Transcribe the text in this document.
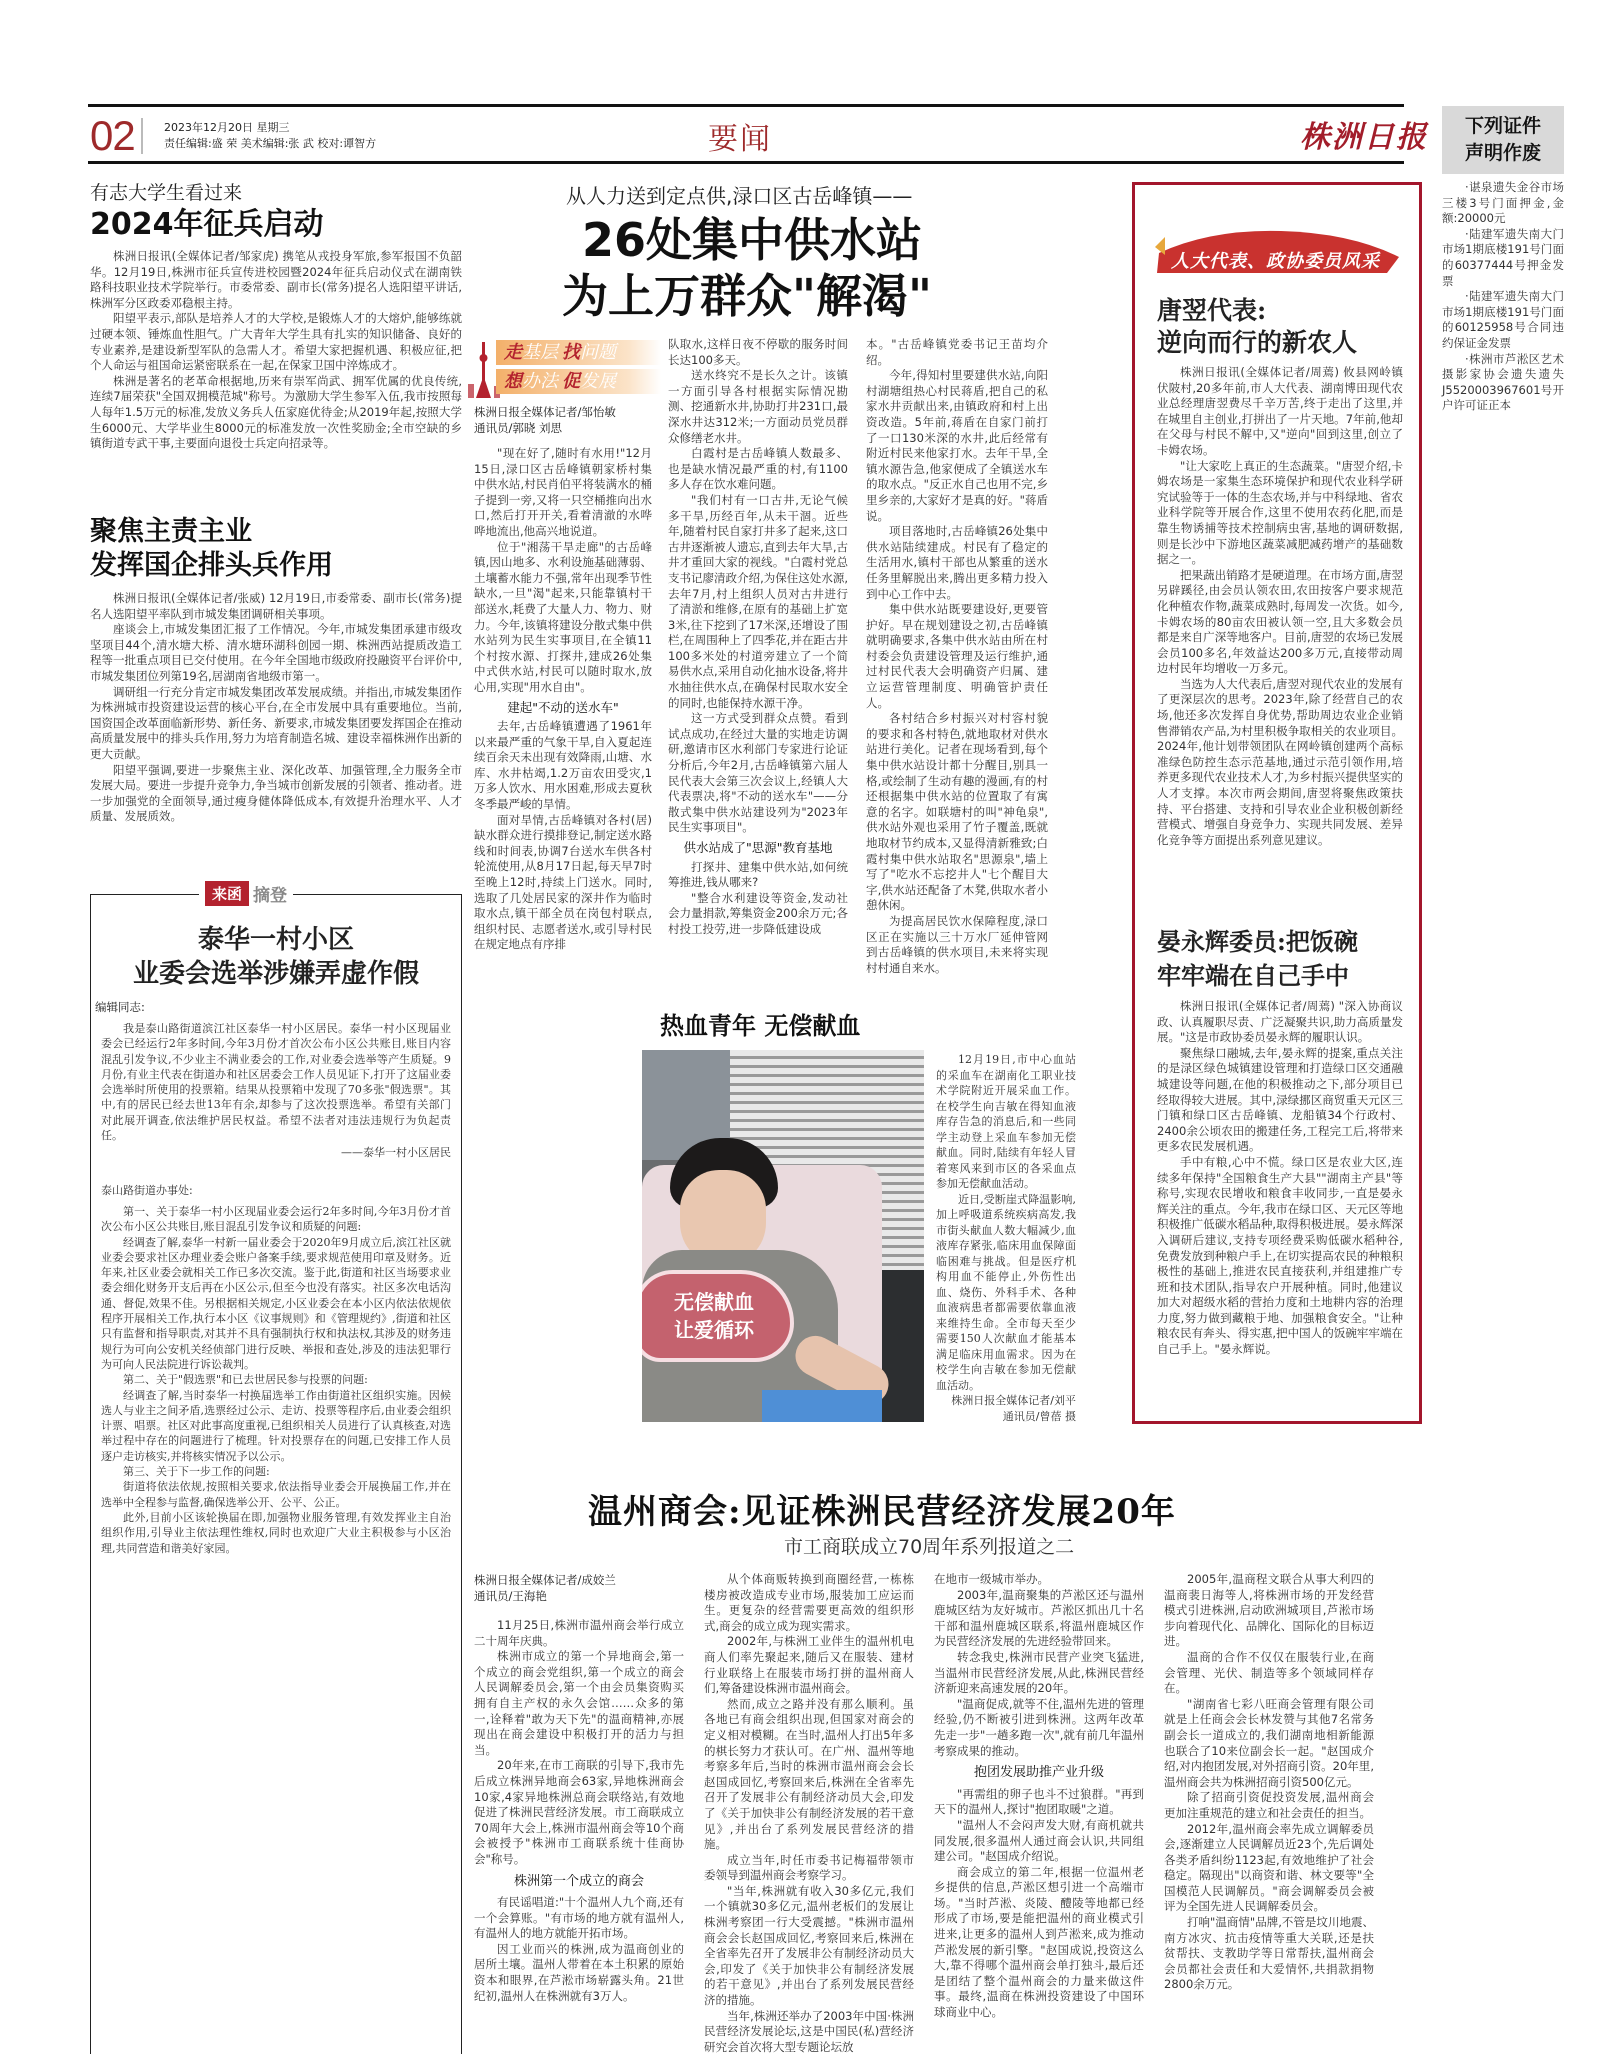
02	2023年12月20日 星期三
责任编辑:盛 荣 美术编辑:张 武 校对:谭智方	要闻	株洲日报	下列证件
声明作废
·谌泉遗失金谷市场三楼3号门面押金,金额:20000元
·陆建军遗失南大门市场1期底楼191号门面的60377444号押金发票
·陆建军遗失南大门市场1期底楼191号门面的60125958号合同违约保证金发票
·株洲市芦淞区艺术摄影家协会遗失遗失J5520003967601号开户许可证正本
有志大学生看过来
2024年征兵启动

株洲日报讯(全媒体记者/邹家虎) 携笔从戎投身军旅,参军报国不负韶华。12月19日,株洲市征兵宣传进校园暨2024年征兵启动仪式在湖南铁路科技职业技术学院举行。市委常委、副市长(常务)提名人选阳望平讲话,株洲军分区政委邓稳根主持。

阳望平表示,部队是培养人才的大学校,是锻炼人才的大熔炉,能够练就过硬本领、锤炼血性胆气。广大青年大学生具有扎实的知识储备、良好的专业素养,是建设新型军队的急需人才。希望大家把握机遇、积极应征,把个人命运与祖国命运紧密联系在一起,在保家卫国中淬炼成才。

株洲是著名的老革命根据地,历来有崇军尚武、拥军优属的优良传统,连续7届荣获"全国双拥模范城"称号。为激励大学生参军入伍,我市按照每人每年1.5万元的标准,发放义务兵人伍家庭优待金;从2019年起,按照大学生6000元、大学毕业生8000元的标准发放一次性奖励金;全市空缺的乡镇街道专武干事,主要面向退役士兵定向招录等。

聚焦主责主业
发挥国企排头兵作用

株洲日报讯(全媒体记者/张威) 12月19日,市委常委、副市长(常务)提名人选阳望平率队到市城发集团调研相关事项。

座谈会上,市城发集团汇报了工作情况。今年,市城发集团承建市级攻坚项目44个,清水塘大桥、清水塘环湖科创园一期、株洲西站提质改造工程等一批重点项目已交付使用。在今年全国地市级政府投融资平台评价中,市城发集团位列第19名,居湖南省地级市第一。

调研组一行充分肯定市城发集团改革发展成绩。并指出,市城发集团作为株洲城市投资建设运营的核心平台,在全市发展中具有重要地位。当前,国资国企改革面临新形势、新任务、新要求,市城发集团要发挥国企在推动高质量发展中的排头兵作用,努力为培育制造名城、建设幸福株洲作出新的更大贡献。

阳望平强调,要进一步聚焦主业、深化改革、加强管理,全力服务全市发展大局。要进一步提升竞争力,争当城市创新发展的引领者、推动者。进一步加强党的全面领导,通过瘦身健体降低成本,有效提升治理水平、人才质量、发展质效。

来函 摘登
泰华一村小区
业委会选举涉嫌弄虚作假
编辑同志:

我是泰山路街道滨江社区泰华一村小区居民。泰华一村小区现届业委会已经运行2年多时间,今年3月份才首次公布小区公共账目,账目内容混乱引发争议,不少业主不满业委会的工作,对业委会选举等产生质疑。9月份,有业主代表在街道办和社区居委会工作人员见证下,打开了这届业委会选举时所使用的投票箱。结果从投票箱中发现了70多张"假选票"。其中,有的居民已经去世13年有余,却参与了这次投票选举。希望有关部门对此展开调查,依法维护居民权益。希望不法者对违法违规行为负起责任。

——泰华一村小区居民
泰山路街道办事处:

第一、关于泰华一村小区现届业委会运行2年多时间,今年3月份才首次公布小区公共账目,账目混乱引发争议和质疑的问题:

经调查了解,泰华一村新一届业委会于2020年9月成立后,滨江社区就业委会要求社区办理业委会账户备案手续,要求规范使用印章及财务。近年来,社区业委会就相关工作已多次交流。鉴于此,街道和社区当场要求业委会细化财务开支后再在小区公示,但至今也没有落实。社区多次电话沟通、督促,效果不佳。另根据相关规定,小区业委会在本小区内依法依规依程序开展相关工作,执行本小区《议事规则》和《管理规约》,街道和社区只有监督和指导职责,对其并不具有强制执行权和执法权,其涉及的财务违规行为可向公安机关经侦部门进行反映、举报和查处,涉及的违法犯罪行为可向人民法院进行诉讼裁判。

第二、关于"假选票"和已去世居民参与投票的问题:

经调查了解,当时泰华一村换届选举工作由街道社区组织实施。因候选人与业主之间矛盾,选票经过公示、走访、投票等程序后,由业委会组织计票、唱票。社区对此事高度重视,已组织相关人员进行了认真核查,对选举过程中存在的问题进行了梳理。针对投票存在的问题,已安排工作人员逐户走访核实,并将核实情况予以公示。

第三、关于下一步工作的问题:

街道将依法依规,按照相关要求,依法指导业委会开展换届工作,并在选举中全程参与监督,确保选举公开、公平、公正。

此外,目前小区该轮换届在即,加强物业服务管理,有效发挥业主自治组织作用,引导业主依法理性维权,同时也欢迎广大业主积极参与小区治理,共同营造和谐美好家园。

从人力送到定点供,渌口区古岳峰镇——
26处集中供水站
为上万群众"解渴"
走基层 找问题
想办法 促发展
株洲日报全媒体记者/邹怡敏
通讯员/郭晓 刘思

"现在好了,随时有水用!"12月15日,渌口区古岳峰镇朝家桥村集中供水站,村民肖伯平将装满水的桶子提到一旁,又将一只空桶推向出水口,然后打开开关,看着清澈的水哗哗地流出,他高兴地说道。

位于"湘荡干旱走廊"的古岳峰镇,因山地多、水利设施基础薄弱、土壤蓄水能力不强,常年出现季节性缺水,一旦"渴"起来,只能靠镇村干部送水,耗费了大量人力、物力、财力。今年,该镇将建设分散式集中供水站列为民生实事项目,在全镇11个村按水源、打探井,建成26处集中式供水站,村民可以随时取水,放心用,实现"用水自由"。

建起"不动的送水车"

去年,古岳峰镇遭遇了1961年以来最严重的气象干旱,自入夏起连续百余天未出现有效降雨,山塘、水库、水井枯竭,1.2万亩农田受灾,1万多人饮水、用水困难,形成去夏秋冬季最严峻的旱情。

面对旱情,古岳峰镇对各村(居)缺水群众进行摸排登记,制定送水路线和时间表,协调7台送水车供各村轮流使用,从8月17日起,每天早7时至晚上12时,持续上门送水。同时,选取了几处居民家的深井作为临时取水点,镇干部全员在岗包村联点,组织村民、志愿者送水,或引导村民在规定地点有序排

队取水,这样日夜不停歇的服务时间长达100多天。

送水终究不是长久之计。该镇一方面引导各村根据实际情况勘测、挖通新水井,协助打井231口,最深水井达312米;一方面动员党员群众修缮老水井。

白霞村是古岳峰镇人数最多、也是缺水情况最严重的村,有1100多人存在饮水难问题。

"我们村有一口古井,无论气候多干旱,历经百年,从未干涸。近些年,随着村民自家打井多了起来,这口古井逐渐被人遗忘,直到去年大旱,古井才重回大家的视线。"白霞村党总支书记廖清政介绍,为保住这处水源,去年7月,村上组织人员对古井进行了清淤和维修,在原有的基础上扩宽3米,往下挖到了17米深,还增设了围栏,在周围种上了四季花,并在距古井100多米处的村道旁建立了一个简易供水点,采用自动化抽水设备,将井水抽往供水点,在确保村民取水安全的同时,也能保持水源干净。

这一方式受到群众点赞。看到试点成功,在经过大量的实地走访调研,邀请市区水利部门专家进行论证分析后,今年2月,古岳峰镇第六届人民代表大会第三次会议上,经镇人大代表票决,将"不动的送水车"——分散式集中供水站建设列为"2023年民生实事项目"。

供水站成了"思源"教育基地

打探井、建集中供水站,如何统筹推进,钱从哪来?

"整合水利建设等资金,发动社会力量捐款,筹集资金200余万元;各村投工投劳,进一步降低建设成

本。"古岳峰镇党委书记王苗均介绍。

今年,得知村里要建供水站,向阳村湖塘组热心村民蒋盾,把自己的私家水井贡献出来,由镇政府和村上出资改造。5年前,蒋盾在自家门前打了一口130米深的水井,此后经常有附近村民来他家打水。去年干旱,全镇水源告急,他家便成了全镇送水车的取水点。"反正水自己也用不完,乡里乡亲的,大家好才是真的好。"蒋盾说。

项目落地时,古岳峰镇26处集中供水站陆续建成。村民有了稳定的生活用水,镇村干部也从繁重的送水任务里解脱出来,腾出更多精力投入到中心工作中去。

集中供水站既要建设好,更要管护好。早在规划建设之初,古岳峰镇就明确要求,各集中供水站由所在村村委会负责建设管理及运行维护,通过村民代表大会明确资产归属、建立运营管理制度、明确管护责任人。

各村结合乡村振兴对村容村貌的要求和各村特色,就地取材对供水站进行美化。记者在现场看到,每个集中供水站设计都十分醒目,别具一格,或绘制了生动有趣的漫画,有的村还根据集中供水站的位置取了有寓意的名字。如联塘村的叫"神龟泉",供水站外观也采用了竹子覆盖,既就地取材节约成本,又显得清新雅致;白霞村集中供水站取名"思源泉",墙上写了"吃水不忘挖井人"七个醒目大字,供水站还配备了木凳,供取水者小憩休闲。

为提高居民饮水保障程度,渌口区正在实施以三十万水厂延伸管网到古岳峰镇的供水项目,未来将实现村村通自来水。

热血青年 无偿献血
无偿献血
让爱循环

12月19日,市中心血站的采血车在湖南化工职业技术学院附近开展采血工作。在校学生向吉敏在得知血液库存告急的消息后,和一些同学主动登上采血车参加无偿献血。同时,陆续有年轻人冒着寒风来到市区的各采血点参加无偿献血活动。

近日,受断崖式降温影响,加上呼吸道系统疾病高发,我市街头献血人数大幅减少,血液库存紧张,临床用血保障面临困难与挑战。但是医疗机构用血不能停止,外伤性出血、烧伤、外科手术、各种血液病患者都需要依靠血液来维持生命。全市每天至少需要150人次献血才能基本满足临床用血需求。因为在校学生向吉敏在参加无偿献血活动。

株洲日报全媒体记者/刘平
通讯员/曾蓓 摄
人大代表、政协委员风采
唐翌代表:
逆向而行的新农人

株洲日报讯(全媒体记者/周蔫) 攸县网岭镇伏陂村,20多年前,市人大代表、湖南博田现代农业总经理唐翌费尽千辛万苦,终于走出了这里,并在城里自主创业,打拼出了一片天地。7年前,他却在父母与村民不解中,又"逆向"回到这里,创立了卡姆农场。

"让大家吃上真正的生态蔬菜。"唐翌介绍,卡姆农场是一家集生态环境保护和现代农业科学研究试验等于一体的生态农场,并与中科绿地、省农业科学院等开展合作,这里不使用农药化肥,而是靠生物诱捕等技术控制病虫害,基地的调研数据,则是长沙中下游地区蔬菜减肥减药增产的基础数据之一。

把果蔬出销路才是硬道理。在市场方面,唐翌另辟蹊径,由会员认领农田,农田按客户要求规范化种植农作物,蔬菜成熟时,每周发一次货。如今,卡姆农场的80亩农田被认领一空,且大多数会员都是来自广深等地客户。目前,唐翌的农场已发展会员100多名,年效益达200多万元,直接带动周边村民年均增收一万多元。

当选为人大代表后,唐翌对现代农业的发展有了更深层次的思考。2023年,除了经营自己的农场,他还多次发挥自身优势,帮助周边农业企业销售滞销农产品,为村里积极争取相关的农业项目。2024年,他计划带领团队在网岭镇创建两个高标准绿色防控生态示范基地,通过示范引领作用,培养更多现代农业技术人才,为乡村振兴提供坚实的人才支撑。本次市两会期间,唐翌将聚焦政策扶持、平台搭建、支持和引导农业企业积极创新经营模式、增强自身竞争力、实现共同发展、差异化竞争等方面提出系列意见建议。

晏永辉委员:把饭碗
牢牢端在自己手中

株洲日报讯(全媒体记者/周蔫) "深入协商议政、认真履职尽责、广泛凝聚共识,助力高质量发展。"这是市政协委员晏永辉的履职认识。

聚焦绿口融城,去年,晏永辉的提案,重点关注的是渌区绿色城镇建设管理和打造绿口区交通融城建设等问题,在他的积极推动之下,部分项目已经取得较大进展。其中,渌绿挪区商贸重天元区三门镇和绿口区古岳峰镇、龙船镇34个行政村、2400余公顷农田的搬建任务,工程完工后,将带来更多农民发展机遇。

手中有粮,心中不慌。绿口区是农业大区,连续多年保持"全国粮食生产大县""湖南主产县"等称号,实现农民增收和粮食丰收同步,一直是晏永辉关注的重点。今年,我市在绿口区、天元区等地积极推广低碳水稻品种,取得积极进展。晏永辉深入调研后建议,支持专项经费采购低碳水稻种谷,免费发放到种粮户手上,在切实提高农民的种粮积极性的基础上,推进农民直接获利,并组建推广专班和技术团队,指导农户开展种植。同时,他建议加大对超级水稻的营抬力度和土地耕内容的治理力度,努力做到藏粮于地、加强粮食安全。"让种粮农民有奔头、得实惠,把中国人的饭碗牢牢端在自己手上。"晏永辉说。

温州商会:见证株洲民营经济发展20年
市工商联成立70周年系列报道之二
株洲日报全媒体记者/成姣兰
通讯员/王海艳

11月25日,株洲市温州商会举行成立二十周年庆典。

株洲市成立的第一个异地商会,第一个成立的商会党组织,第一个成立的商会人民调解委员会,第一个由会员集资购买拥有自主产权的永久会馆……众多的第一,诠释着"敢为天下先"的温商精神,亦展现出在商会建设中积极打开的活力与担当。

20年来,在市工商联的引导下,我市先后成立株洲异地商会63家,异地株洲商会10家,4家异地株洲总商会联络站,有效地促进了株洲民营经济发展。市工商联成立70周年大会上,株洲市温州商会等10个商会被授予"株洲市工商联系统十佳商协会"称号。

株洲第一个成立的商会

有民谣唱道:"十个温州人九个商,还有一个会算账。"有市场的地方就有温州人,有温州人的地方就能开拓市场。

因工业而兴的株洲,成为温商创业的居所土壤。温州人带着在本土积累的原始资本和眼界,在芦淞市场崭露头角。21世纪初,温州人在株洲就有3万人。

从个体商贩转换到商圈经营,一栋栋楼房被改造成专业市场,服装加工应运而生。更复杂的经营需要更高效的组织形式,商会的成立成为现实需求。

2002年,与株洲工业伴生的温州机电商人们率先聚起来,随后又在服装、建材行业联络上在服装市场打拼的温州商人们,筹备建设株洲市温州商会。

然而,成立之路并没有那么顺利。虽各地已有商会组织出现,但国家对商会的定义相对模糊。在当时,温州人打出5年多的棋长努力才获认可。在广州、温州等地考察多年后,当时的株洲市温州商会会长赵国成回忆,考察回来后,株洲在全省率先召开了发展非公有制经济动员大会,印发了《关于加快非公有制经济发展的若干意见》,并出台了系列发展民营经济的措施。

成立当年,时任市委书记梅福带领市委领导到温州商会考察学习。

"当年,株洲就有收入30多亿元,我们一个镇就30多亿元,温州老板们的发展让株洲考察团一行大受震撼。"株洲市温州商会会长赵国成回忆,考察回来后,株洲在全省率先召开了发展非公有制经济动员大会,印发了《关于加快非公有制经济发展的若干意见》,并出台了系列发展民营经济的措施。

当年,株洲还举办了2003年中国·株洲民营经济发展论坛,这是中国民(私)营经济研究会首次将大型专题论坛放

在地市一级城市举办。

2003年,温商聚集的芦淞区还与温州鹿城区结为友好城市。芦淞区抓出几十名干部和温州鹿城区联系,将温州鹿城区作为民营经济发展的先进经验带回来。

转念我史,株洲市民营产业突飞猛进,当温州市民营经济发展,从此,株洲民营经济新迎来高速发展的20年。

"温商促成,就等不住,温州先进的管理经验,仍不断被引进到株洲。这两年改革先走一步"一趟多跑一次",就有前几年温州考察成果的推动。

抱团发展助推产业升级

"再需组的卵子也斗不过狼群。"再到天下的温州人,探讨"抱团取暖"之道。

"温州人不会闷声发大财,有商机就共同发展,很多温州人通过商会认识,共同组建公司。"赵国成介绍说。

商会成立的第二年,根据一位温州老乡提供的信息,芦淞区想引进一个高端市场。"当时芦淞、炎陵、醴陵等地都已经形成了市场,要是能把温州的商业模式引进来,让更多的温州人到芦淞来,成为推动芦淞发展的新引擎。"赵国成说,投资这么大,靠不得哪个温州商会单打独斗,最后还是团结了整个温州商会的力量来做这件事。最终,温商在株洲投资建设了中国环球商业中心。

2005年,温商程文联合从事大利四的温商裴日海等人,将株洲市场的开发经营模式引进株洲,启动欧洲城项目,芦淞市场步向着现代化、品牌化、国际化的目标迈进。

温商的合作不仅仅在服装行业,在商会管理、光伏、制造等多个领域同样存在。

"湖南省七彩八旺商会管理有限公司就是上任商会会长林发赞与其他7名常务副会长一道成立的,我们湖南地相新能源也联合了10来位副会长一起。"赵国成介绍,对内抱团发展,对外招商引资。20年里,温州商会共为株洲招商引资500亿元。

除了招商引资促投资发展,温州商会更加注重规范的建立和社会责任的担当。

2012年,温州商会率先成立调解委员会,逐渐建立人民调解员近23个,先后调处各类矛盾纠纷1123起,有效地维护了社会稳定。隔现出"以商资和谐、林文要等"全国模范人民调解员。"商会调解委员会被评为全国先进人民调解委员会。

打响"温商情"品牌,不管是坟川地震、南方冰灾、抗击疫情等重大关联,还是扶贫帮扶、支教助学等日常帮扶,温州商会会员都社会责任和大爱情怀,共捐款捐物2800余万元。
